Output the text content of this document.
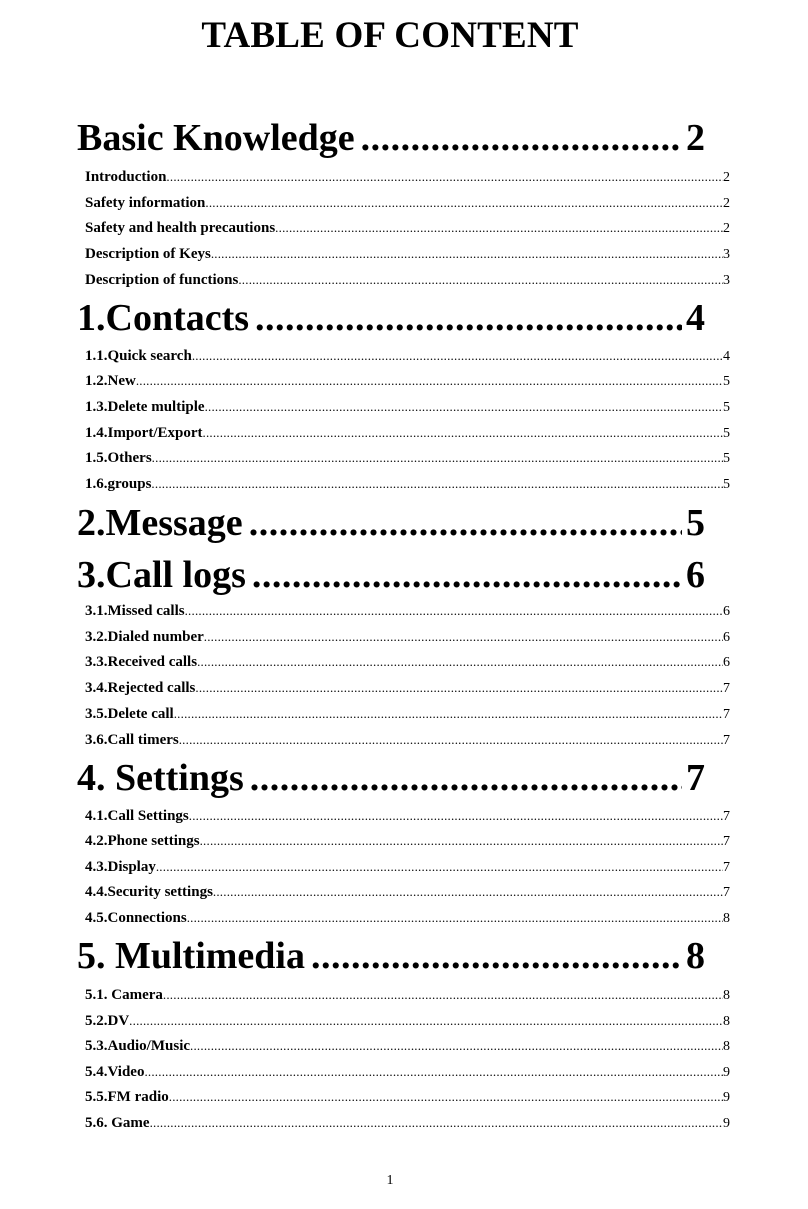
TABLE OF CONTENT
Basic Knowledge .....	2
Introduction .....	2
Safety information .....	2
Safety and health precautions .....	2
Description of Keys .....	3
Description of functions .....	3
1.Contacts .....	4
1.1.Quick search .....	4
1.2.New .....	5
1.3.Delete multiple .....	5
1.4.Import/Export .....	5
1.5.Others .....	5
1.6.groups .....	5
2.Message .....	5
3.Call logs .....	6
3.1.Missed calls .....	6
3.2.Dialed number .....	6
3.3.Received calls .....	6
3.4.Rejected calls .....	7
3.5.Delete call .....	7
3.6.Call timers .....	7
4. Settings .....	7
4.1.Call Settings .....	7
4.2.Phone settings .....	7
4.3.Display .....	7
4.4.Security settings .....	7
4.5.Connections .....	8
5. Multimedia .....	8
5.1. Camera .....	8
5.2.DV .....	8
5.3.Audio/Music .....	8
5.4.Video .....	9
5.5.FM radio .....	9
5.6. Game .....	9
1
